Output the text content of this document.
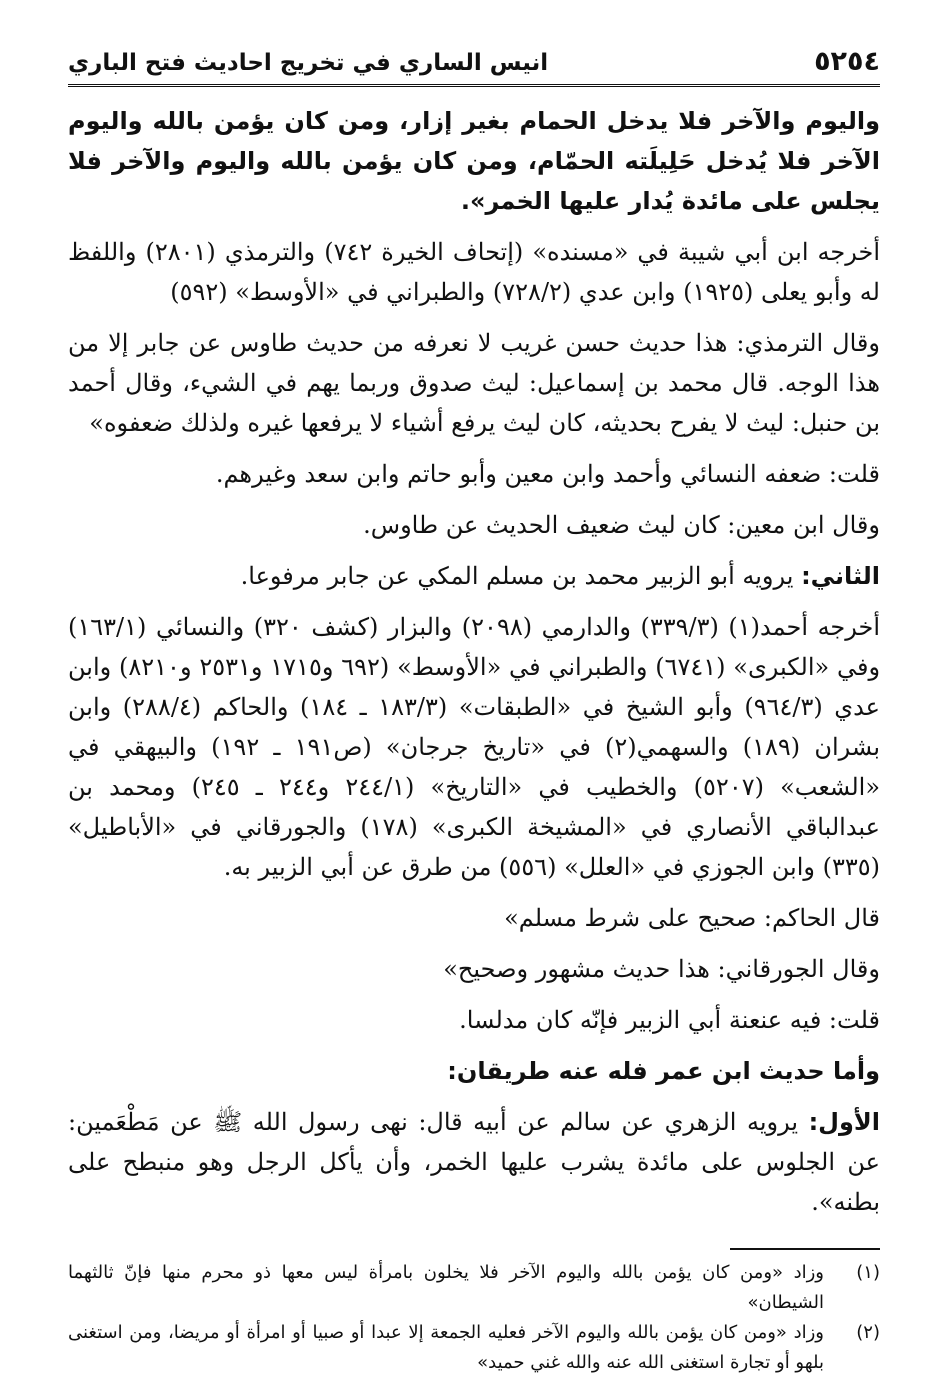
٥٢٥٤
انيس الساري في تخريج احاديث فتح الباري

واليوم والآخر فلا يدخل الحمام بغير إزار، ومن كان يؤمن بالله واليوم الآخر فلا يُدخل حَلِيلَته الحمّام، ومن كان يؤمن بالله واليوم والآخر فلا يجلس على مائدة يُدار عليها الخمر».

أخرجه ابن أبي شيبة في «مسنده» (إتحاف الخيرة ٧٤٢) والترمذي (٢٨٠١) واللفظ له وأبو يعلى (١٩٢٥) وابن عدي (٧٢٨/٢) والطبراني في «الأوسط» (٥٩٢)

وقال الترمذي: هذا حديث حسن غريب لا نعرفه من حديث طاوس عن جابر إلا من هذا الوجه. قال محمد بن إسماعيل: ليث صدوق وربما يهم في الشيء، وقال أحمد بن حنبل: ليث لا يفرح بحديثه، كان ليث يرفع أشياء لا يرفعها غيره ولذلك ضعفوه»

قلت: ضعفه النسائي وأحمد وابن معين وأبو حاتم وابن سعد وغيرهم.

وقال ابن معين: كان ليث ضعيف الحديث عن طاوس.

الثاني: يرويه أبو الزبير محمد بن مسلم المكي عن جابر مرفوعا.

أخرجه أحمد(١) (٣٣٩/٣) والدارمي (٢٠٩٨) والبزار (كشف ٣٢٠) والنسائي (١٦٣/١) وفي «الكبرى» (٦٧٤١) والطبراني في «الأوسط» (٦٩٢ و١٧١٥ و٢٥٣١ و٨٢١٠) وابن عدي (٩٦٤/٣) وأبو الشيخ في «الطبقات» (١٨٣/٣ ـ ١٨٤) والحاكم (٢٨٨/٤) وابن بشران (١٨٩) والسهمي(٢) في «تاريخ جرجان» (ص١٩١ ـ ١٩٢) والبيهقي في «الشعب» (٥٢٠٧) والخطيب في «التاريخ» (٢٤٤/١ و٢٤٤ ـ ٢٤٥) ومحمد بن عبدالباقي الأنصاري في «المشيخة الكبرى» (١٧٨) والجورقاني في «الأباطيل» (٣٣٥) وابن الجوزي في «العلل» (٥٥٦) من طرق عن أبي الزبير به.

قال الحاكم: صحيح على شرط مسلم»

وقال الجورقاني: هذا حديث مشهور وصحيح»

قلت: فيه عنعنة أبي الزبير فإنّه كان مدلسا.

وأما حديث ابن عمر فله عنه طريقان:

الأول: يرويه الزهري عن سالم عن أبيه قال: نهى رسول الله ﷺ عن مَطْعَمين: عن الجلوس على مائدة يشرب عليها الخمر، وأن يأكل الرجل وهو منبطح على بطنه».

(١)
وزاد «ومن كان يؤمن بالله واليوم الآخر فلا يخلون بامرأة ليس معها ذو محرم منها فإنّ ثالثهما الشيطان»
(٢)
وزاد «ومن كان يؤمن بالله واليوم الآخر فعليه الجمعة إلا عبدا أو صبيا أو امرأة أو مريضا، ومن استغنى بلهو أو تجارة استغنى الله عنه والله غني حميد»
